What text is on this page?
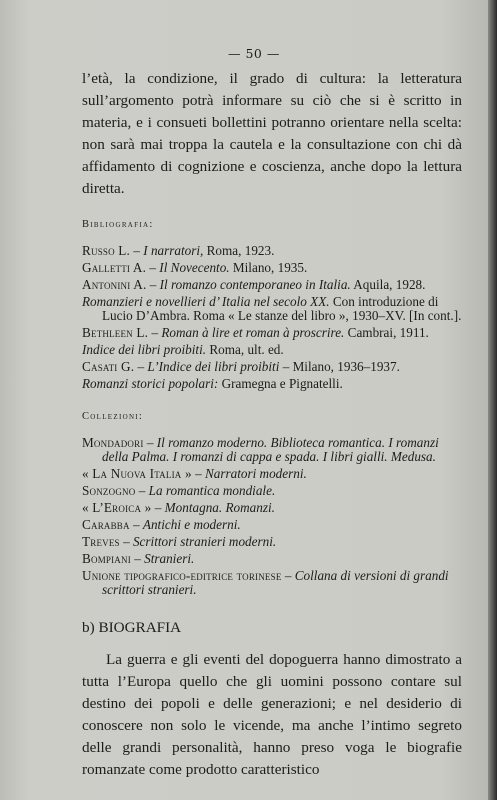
— 50 —

l’età, la condizione, il grado di cultura: la letteratura sull’argomento potrà informare su ciò che si è scritto in materia, e i consueti bollettini potranno orientare nella scelta: non sarà mai troppa la cautela e la consultazione con chi dà affidamento di cognizione e coscienza, anche dopo la lettura diretta.

Bibliografia:

Russo L. – I narratori, Roma, 1923.

Galletti A. – Il Novecento. Milano, 1935.

Antonini A. – Il romanzo contemporaneo in Italia. Aquila, 1928.

Romanzieri e novellieri d’ Italia nel secolo XX. Con introduzione di Lucio D’Ambra. Roma « Le stanze del libro », 1930–XV. [In cont.].

Bethleen L. – Roman à lire et roman à proscrire. Cambrai, 1911.

Indice dei libri proibiti. Roma, ult. ed.

Casati G. – L’Indice dei libri proibiti – Milano, 1936–1937.

Romanzi storici popolari: Gramegna e Pignatelli.

Collezioni:

Mondadori – Il romanzo moderno. Biblioteca romantica. I romanzi della Palma. I romanzi di cappa e spada. I libri gialli. Medusa.

« La Nuova Italia » – Narratori moderni.

Sonzogno – La romantica mondiale.

« L’Eroica » – Montagna. Romanzi.

Carabba – Antichi e moderni.

Treves – Scrittori stranieri moderni.

Bompiani – Stranieri.

Unione tipografico-editrice torinese – Collana di versioni di grandi scrittori stranieri.

b) BIOGRAFIA

La guerra e gli eventi del dopoguerra hanno dimostrato a tutta l’Europa quello che gli uomini possono contare sul destino dei popoli e delle generazioni; e nel desiderio di conoscere non solo le vicende, ma anche l’intimo segreto delle grandi personalità, hanno preso voga le biografie romanzate come prodotto caratteristico
